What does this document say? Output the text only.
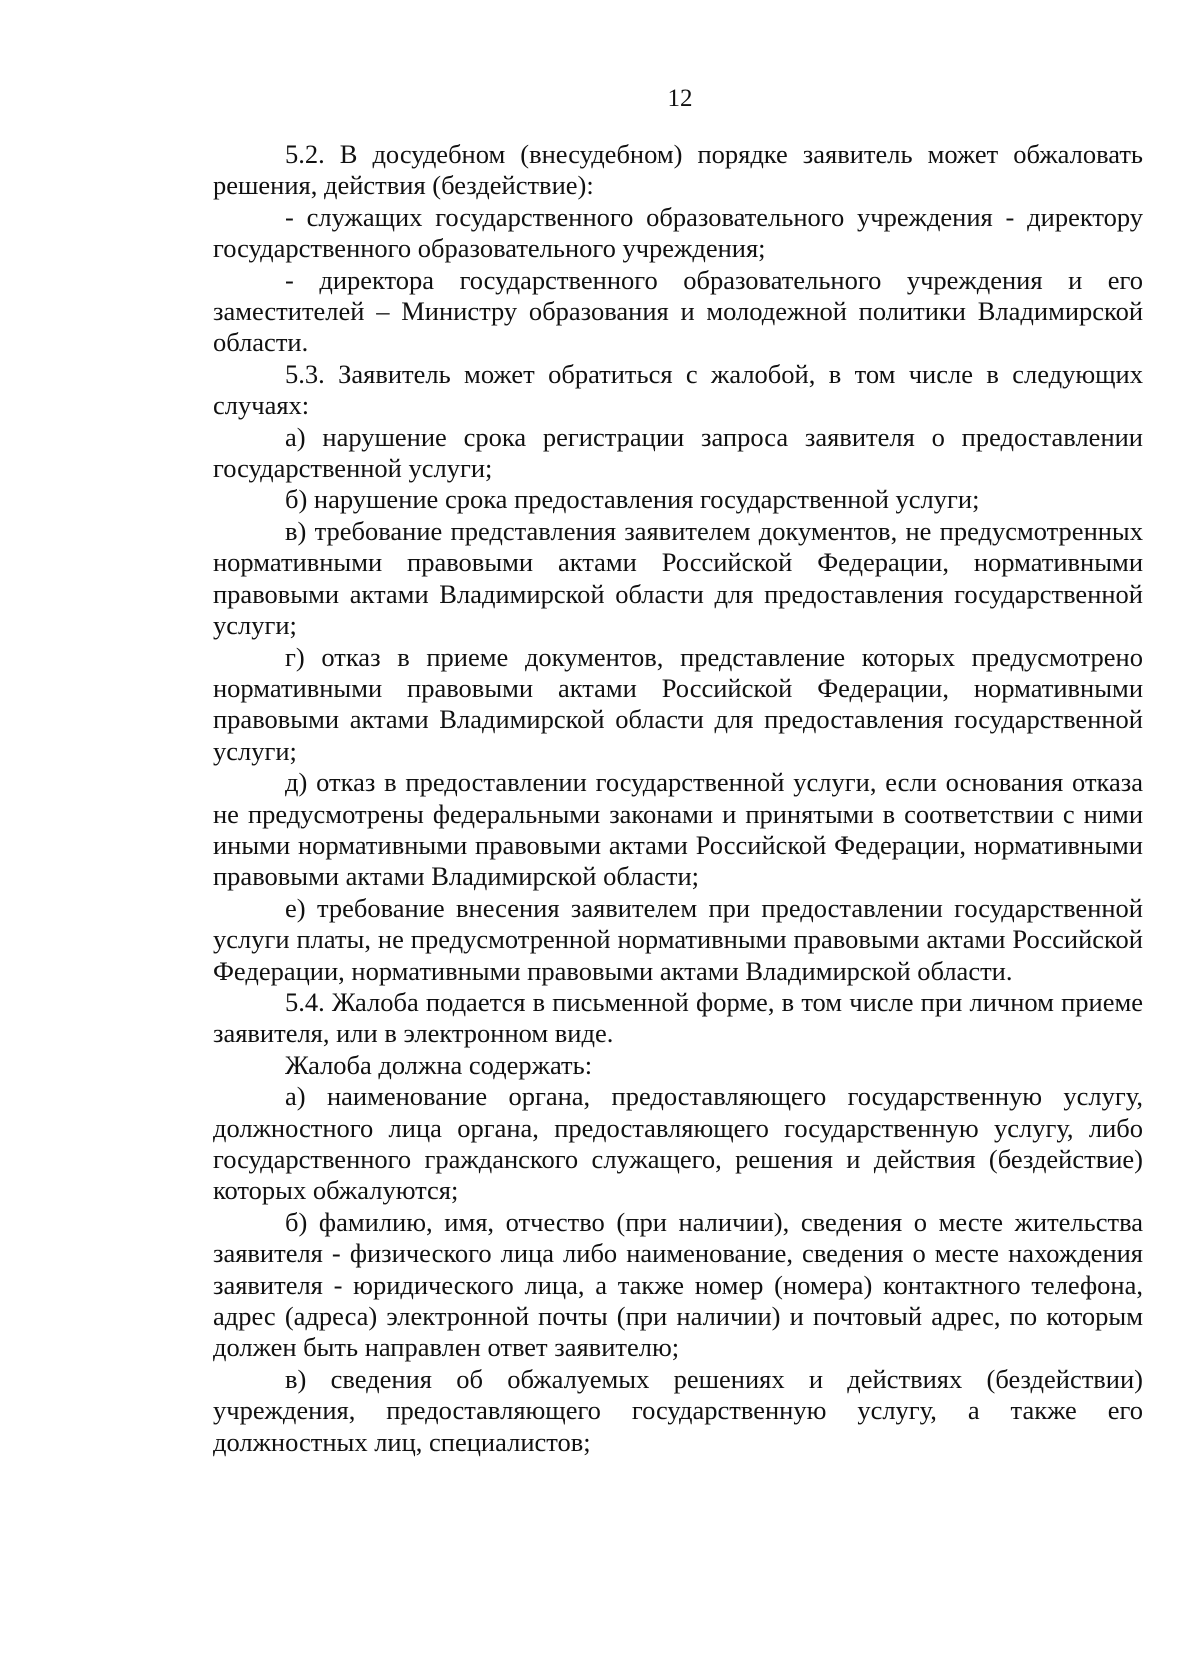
12

5.2. В досудебном (внесудебном) порядке заявитель может обжаловать решения, действия (бездействие):

- служащих государственного образовательного учреждения - директору государственного образовательного учреждения;

- директора государственного образовательного учреждения и его заместителей – Министру образования и молодежной политики Владимирской области.

5.3. Заявитель может обратиться с жалобой, в том числе в следующих случаях:

а) нарушение срока регистрации запроса заявителя о предоставлении государственной услуги;

б) нарушение срока предоставления государственной услуги;

в) требование представления заявителем документов, не предусмотренных нормативными правовыми актами Российской Федерации, нормативными правовыми актами Владимирской области для предоставления государственной услуги;

г) отказ в приеме документов, представление которых предусмотрено нормативными правовыми актами Российской Федерации, нормативными правовыми актами Владимирской области для предоставления государственной услуги;

д) отказ в предоставлении государственной услуги, если основания отказа не предусмотрены федеральными законами и принятыми в соответствии с ними иными нормативными правовыми актами Российской Федерации, нормативными правовыми актами Владимирской области;

е) требование внесения заявителем при предоставлении государственной услуги платы, не предусмотренной нормативными правовыми актами Российской Федерации, нормативными правовыми актами Владимирской области.

5.4. Жалоба подается в письменной форме, в том числе при личном приеме заявителя, или в электронном виде.

Жалоба должна содержать:

а) наименование органа, предоставляющего государственную услугу, должностного лица органа, предоставляющего государственную услугу, либо государственного гражданского служащего, решения и действия (бездействие) которых обжалуются;

б) фамилию, имя, отчество (при наличии), сведения о месте жительства заявителя - физического лица либо наименование, сведения о месте нахождения заявителя - юридического лица, а также номер (номера) контактного телефона, адрес (адреса) электронной почты (при наличии) и почтовый адрес, по которым должен быть направлен ответ заявителю;

в) сведения об обжалуемых решениях и действиях (бездействии) учреждения, предоставляющего государственную услугу, а также его должностных лиц, специалистов;
